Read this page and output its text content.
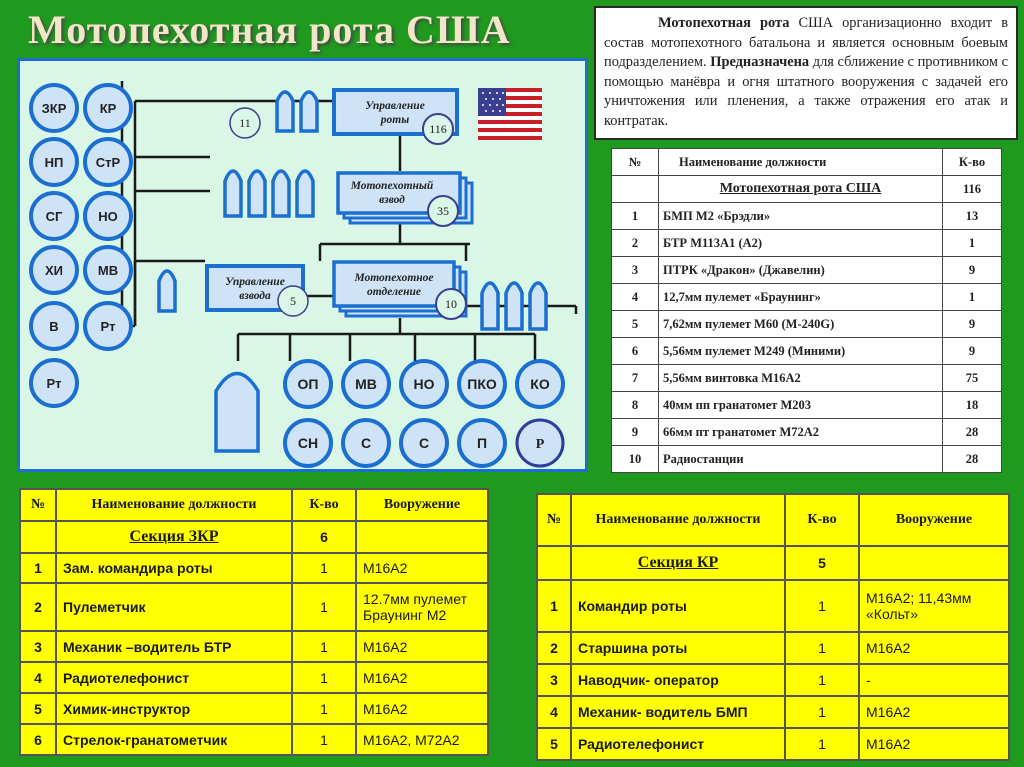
Мотопехотная рота США	Мотопехотная рота США организационно входит в состав мотопехотного батальона и является основным боевым подразделением. Предназначена для сближение с противником с помощью манёвра и огня штатного вооружения с задачей его уничтожения или пленения, а также отражения его атак и контратак.
ЗКР	КР
НП СтР
СГ	НО
ХИ	МВ
В	Рт
Рт
Управление
роты
Мотопехотный
взвод
Управление
взвода
Мотопехотное
отделение
ОП	МВ	НО ПКО КО
СН	С	С	П	Р
11	116
35
5	10
№	Наименование должности	К-во
	Мотопехотная рота США	116
1	БМП М2 «Брэдли»	13
2	БТР М113А1 (А2)	1
3	ПТРК «Дракон» (Джавелин)	9
4	12,7мм пулемет «Браунинг»	1
5	7,62мм пулемет М60 (М-240G)	9
6	5,56мм пулемет М249 (Миними)	9
7	5,56мм винтовка М16А2	75
8	40мм пп гранатомет М203	18
9	66мм пт гранатомет М72А2	28
10	Радиостанции	28
№	Наименование должности	К-во	Вооружение
	Секция ЗКР	6	
1	Зам. командира роты	1	М16А2
2	Пулеметчик	1	12.7мм пулемет Браунинг М2
3	Механик –водитель БТР	1	М16А2
4	Радиотелефонист	1	М16А2
5	Химик-инструктор	1	М16А2
6	Стрелок-гранатометчик	1	М16А2, М72А2
№	Наименование должности	К-во	Вооружение
	Секция КР	5	
1	Командир роты	1	М16А2; 11,43мм «Кольт»
2	Старшина роты	1	М16А2
3	Наводчик- оператор	1	-
4	Механик- водитель БМП	1	М16А2
5	Радиотелефонист	1	М16А2
